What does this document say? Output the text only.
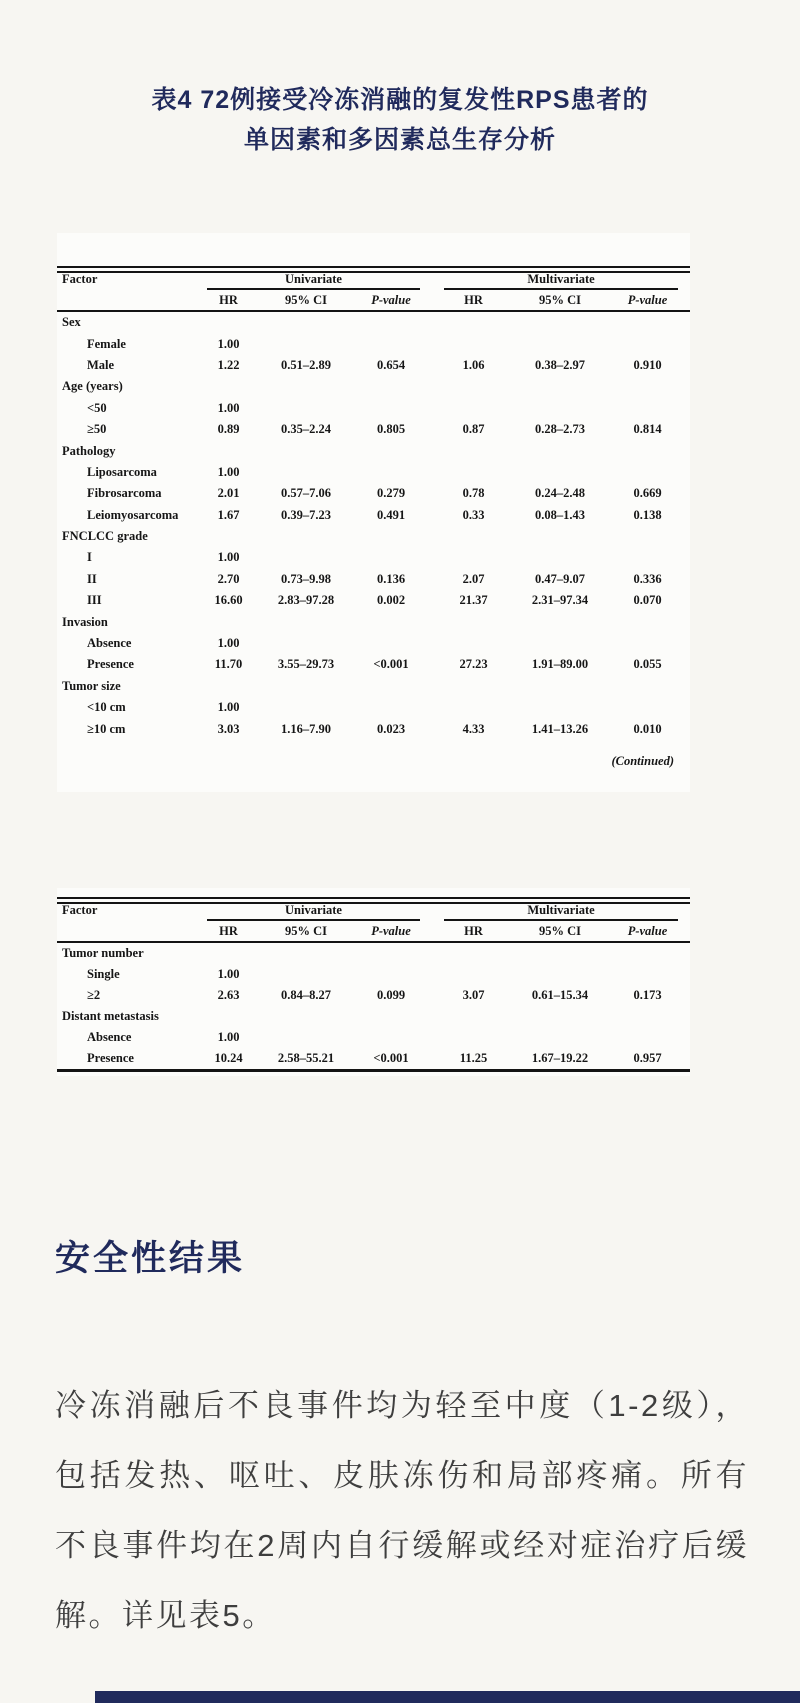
表4 72例接受冷冻消融的复发性RPS患者的
单因素和多因素总生存分析
Factor	Univariate	Multivariate
HR	95% CI	P-value	HR	95% CI	P-value
Sex
Female	1.00
Male	1.22	0.51–2.89	0.654	1.06	0.38–2.97	0.910
Age (years)
<50	1.00
≥50	0.89	0.35–2.24	0.805	0.87	0.28–2.73	0.814
Pathology
Liposarcoma	1.00
Fibrosarcoma	2.01	0.57–7.06	0.279	0.78	0.24–2.48	0.669
Leiomyosarcoma	1.67	0.39–7.23	0.491	0.33	0.08–1.43	0.138
FNCLCC grade
I	1.00
II	2.70	0.73–9.98	0.136	2.07	0.47–9.07	0.336
III	16.60	2.83–97.28	0.002	21.37	2.31–97.34	0.070
Invasion
Absence	1.00
Presence	11.70	3.55–29.73	<0.001	27.23	1.91–89.00	0.055
Tumor size
<10 cm	1.00
≥10 cm	3.03	1.16–7.90	0.023	4.33	1.41–13.26	0.010
(Continued)
Factor	Univariate	Multivariate
HR	95% CI	P-value	HR	95% CI	P-value
Tumor number
Single	1.00
≥2	2.63	0.84–8.27	0.099	3.07	0.61–15.34	0.173
Distant metastasis
Absence	1.00
Presence	10.24	2.58–55.21	<0.001	11.25	1.67–19.22	0.957
安全性结果
冷冻消融后不良事件均为轻至中度（1-2级），包括发热、呕吐、皮肤冻伤和局部疼痛。所有不良事件均在2周内自行缓解或经对症治疗后缓解。详见表5。
